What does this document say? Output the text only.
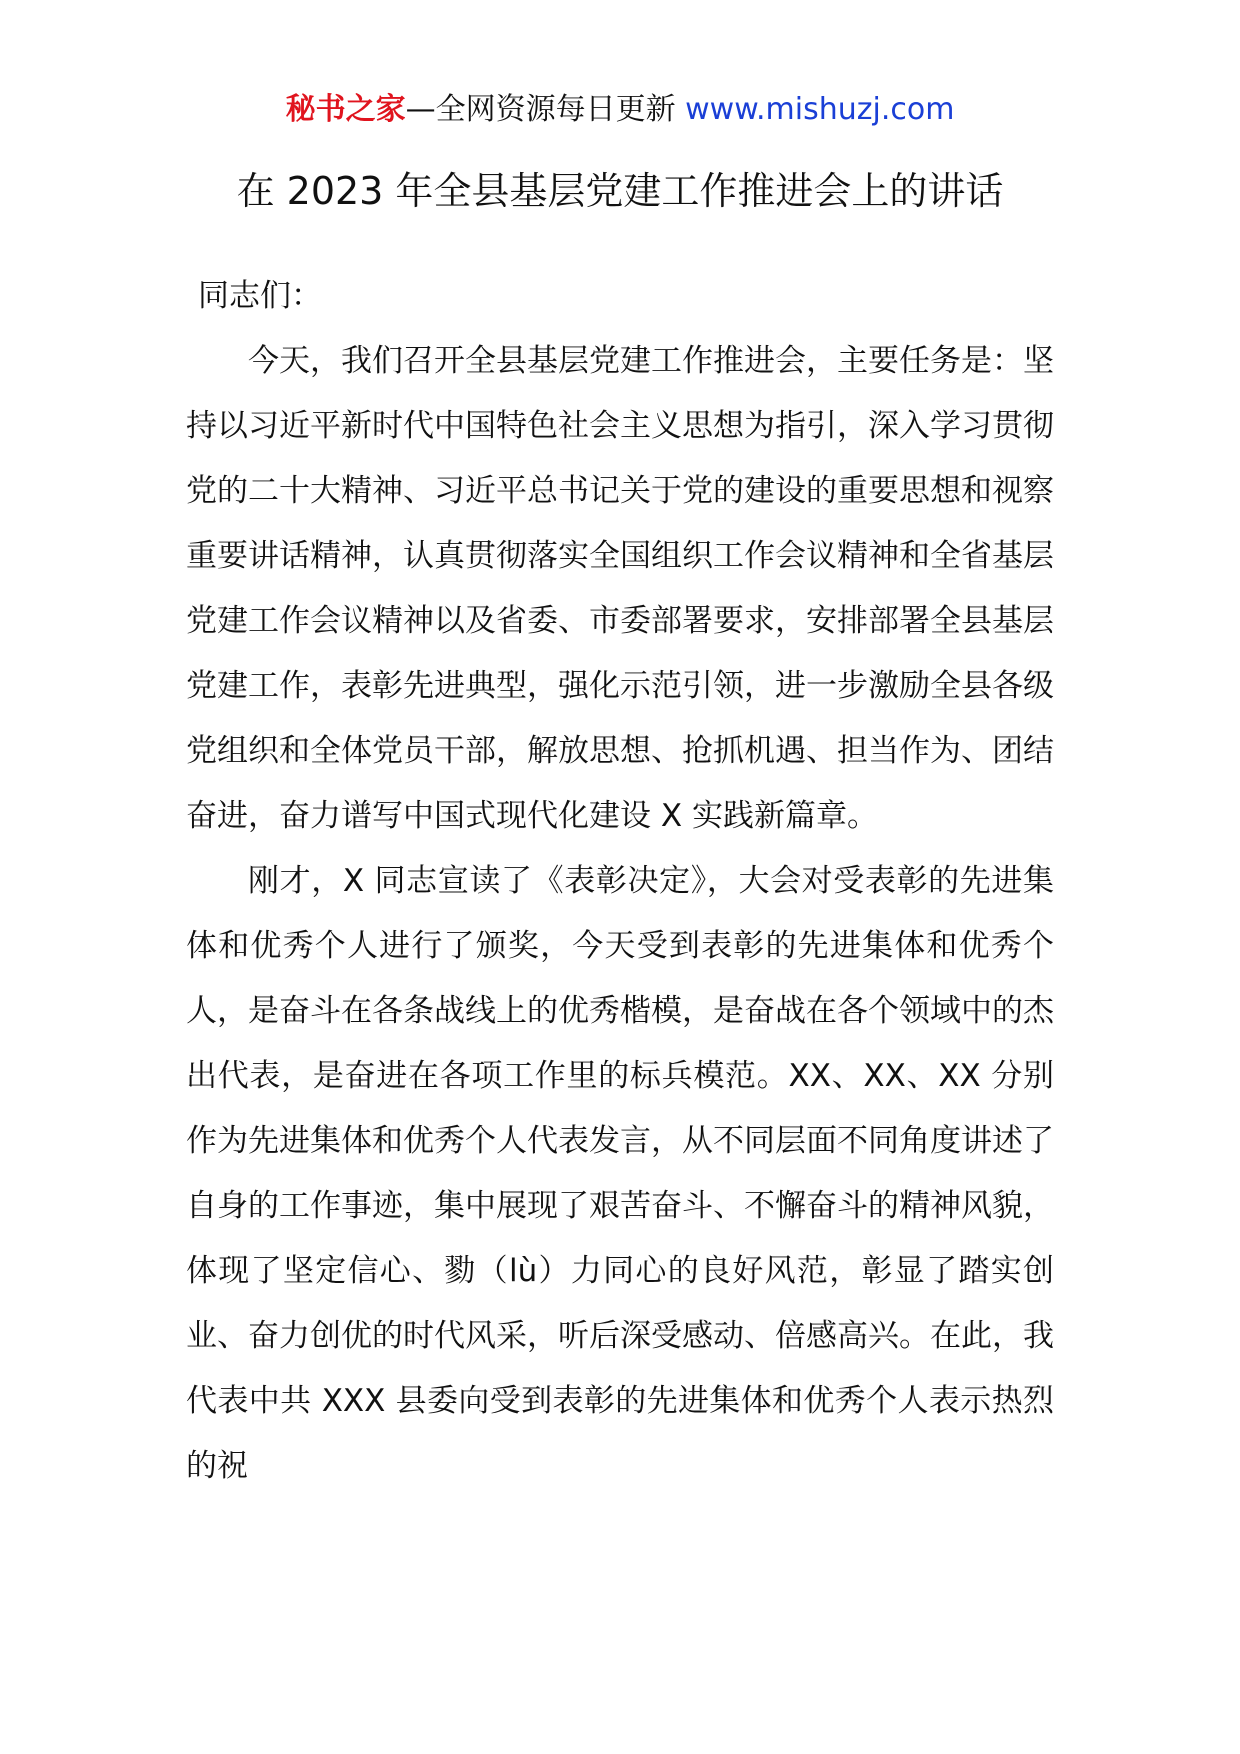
秘书之家—全网资源每日更新 www.mishuzj.com
在 2023 年全县基层党建工作推进会上的讲话

同志们：

今天，我们召开全县基层党建工作推进会，主要任务是：坚持以习近平新时代中国特色社会主义思想为指引，深入学习贯彻党的二十大精神、习近平总书记关于党的建设的重要思想和视察重要讲话精神，认真贯彻落实全国组织工作会议精神和全省基层党建工作会议精神以及省委、市委部署要求，安排部署全县基层党建工作，表彰先进典型，强化示范引领，进一步激励全县各级党组织和全体党员干部，解放思想、抢抓机遇、担当作为、团结奋进，奋力谱写中国式现代化建设 X 实践新篇章。

刚才，X 同志宣读了《表彰决定》，大会对受表彰的先进集体和优秀个人进行了颁奖，今天受到表彰的先进集体和优秀个人，是奋斗在各条战线上的优秀楷模，是奋战在各个领域中的杰出代表，是奋进在各项工作里的标兵模范。XX、XX、XX 分别作为先进集体和优秀个人代表发言，从不同层面不同角度讲述了自身的工作事迹，集中展现了艰苦奋斗、不懈奋斗的精神风貌，体现了坚定信心、勠（lù）力同心的良好风范，彰显了踏实创业、奋力创优的时代风采，听后深受感动、倍感高兴。在此，我代表中共 XXX 县委向受到表彰的先进集体和优秀个人表示热烈的祝
